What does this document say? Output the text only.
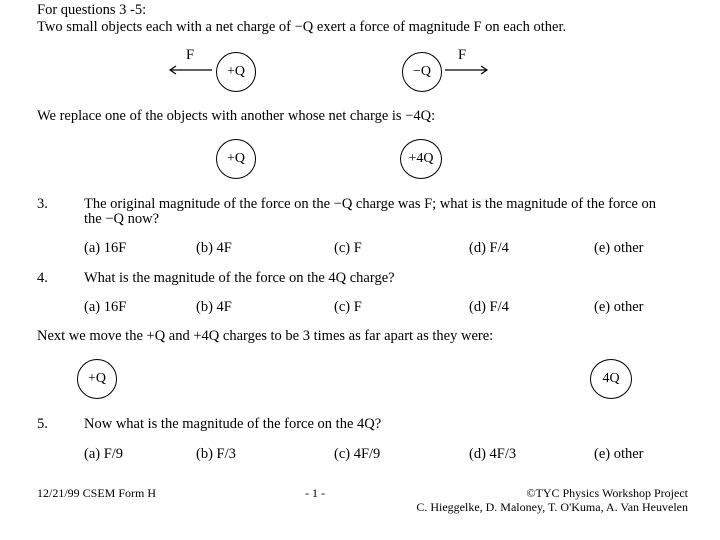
For questions 3 -5:
Two small objects each with a net charge of −Q exert a force of magnitude F on each other.
F
+Q	−Q
F
We replace one of the objects with another whose net charge is −4Q:
+Q	+4Q
3. The original magnitude of the force on the −Q charge was F; what is the magnitude of the force on
the −Q now?
(a) 16F	(b) 4F	(c) F	(d) F/4	(e) other
4. What is the magnitude of the force on the 4Q charge?
(a) 16F	(b) 4F	(c) F	(d) F/4	(e) other
Next we move the +Q and +4Q charges to be 3 times as far apart as they were:
+Q	4Q
5. Now what is the magnitude of the force on the 4Q?
(a) F/9	(b) F/3	(c) 4F/9	(d) 4F/3	(e) other
12/21/99 CSEM Form H	- 1 -	©TYC Physics Workshop Project
C. Hieggelke, D. Maloney, T. O'Kuma, A. Van Heuvelen
